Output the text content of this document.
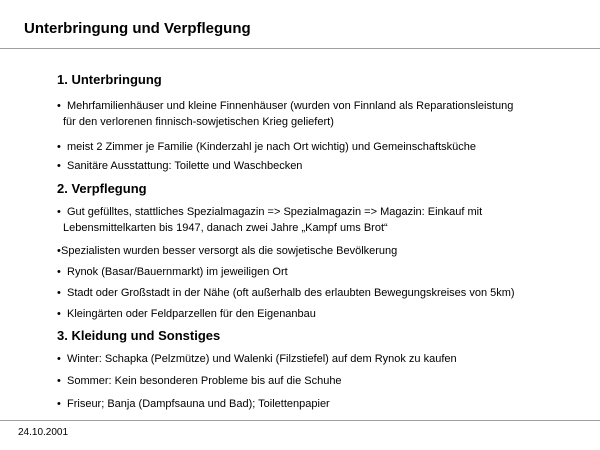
Unterbringung und Verpflegung
1. Unterbringung
• Mehrfamilienhäuser und kleine Finnenhäuser (wurden von Finnland als Reparationsleistung
für den verlorenen finnisch-sowjetischen Krieg geliefert)
• meist 2 Zimmer je Familie (Kinderzahl je nach Ort wichtig) und Gemeinschaftsküche
• Sanitäre Ausstattung: Toilette und Waschbecken
2. Verpflegung
• Gut gefülltes, stattliches Spezialmagazin => Spezialmagazin => Magazin: Einkauf mit
Lebensmittelkarten bis 1947, danach zwei Jahre „Kampf ums Brot“
•Spezialisten wurden besser versorgt als die sowjetische Bevölkerung
• Rynok (Basar/Bauernmarkt) im jeweiligen Ort
• Stadt oder Großstadt in der Nähe (oft außerhalb des erlaubten Bewegungskreises von 5km)
• Kleingärten oder Feldparzellen für den Eigenanbau
3. Kleidung und Sonstiges
• Winter: Schapka (Pelzmütze) und Walenki (Filzstiefel) auf dem Rynok zu kaufen
• Sommer: Kein besonderen Probleme bis auf die Schuhe
• Friseur; Banja (Dampfsauna und Bad); Toilettenpapier
24.10.2001
